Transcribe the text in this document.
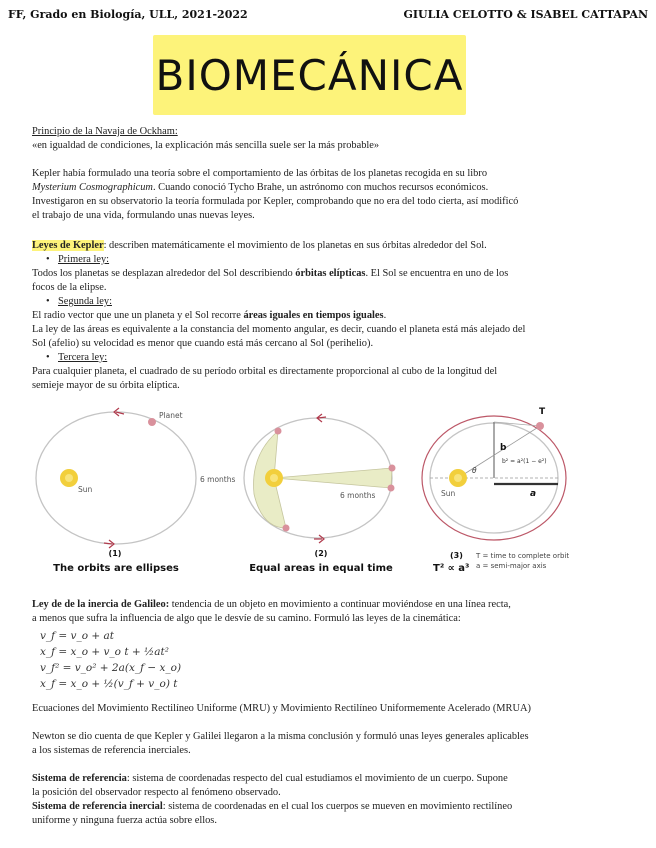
FF, Grado en Biología, ULL, 2021-2022	GIULIA CELOTTO & ISABEL CATTAPAN
BIOMECÁNICA

Principio de la Navaja de Ockham:
«en igualdad de condiciones, la explicación más sencilla suele ser la más probable»

Kepler había formulado una teoría sobre el comportamiento de las órbitas de los planetas recogida en su libro
Mysterium Cosmographicum. Cuando conoció Tycho Brahe, un astrónomo con muchos recursos económicos.
Investigaron en su observatorio la teoría formulada por Kepler, comprobando que no era del todo cierta, así modificó
el trabajo de una vida, formulando unas nuevas leyes.

Leyes de Kepler: describen matemáticamente el movimiento de los planetas en sus órbitas alrededor del Sol.

• Primera ley:

Todos los planetas se desplazan alrededor del Sol describiendo órbitas elípticas. El Sol se encuentra en uno de los
focos de la elipse.

• Segunda ley:

El radio vector que une un planeta y el Sol recorre áreas iguales en tiempos iguales.
La ley de las áreas es equivalente a la constancia del momento angular, es decir, cuando el planeta está más alejado del
Sol (afelio) su velocidad es menor que cuando está más cercano al Sol (perihelio).

• Tercera ley:

Para cualquier planeta, el cuadrado de su período orbital es directamente proporcional al cubo de la longitud del
semieje mayor de su órbita elíptica.

Planet
Sun
(1)
The orbits are ellipses
6 months
6 months
(2)
Equal areas in equal time
T
b
b² = a²(1 − e²)
θ
Sun	a
(3)
T² ∝ a³
T = time to complete orbit
a = semi-major axis

Ley de de la inercia de Galileo: tendencia de un objeto en movimiento a continuar moviéndose en una línea recta,
a menos que sufra la influencia de algo que le desvíe de su camino. Formuló las leyes de la cinemática:

v_f = v_o + at
x_f = x_o + v_o t + ½at²
v_f² = v_o² + 2a(x_f − x_o)
x_f = x_o + ½(v_f + v_o) t

Ecuaciones del Movimiento Rectilíneo Uniforme (MRU) y Movimiento Rectilíneo Uniformemente Acelerado (MRUA)

Newton se dio cuenta de que Kepler y Galilei llegaron a la misma conclusión y formuló unas leyes generales aplicables
a los sistemas de referencia inerciales.

Sistema de referencia: sistema de coordenadas respecto del cual estudiamos el movimiento de un cuerpo. Supone
la posición del observador respecto al fenómeno observado.
Sistema de referencia inercial: sistema de coordenadas en el cual los cuerpos se mueven en movimiento rectilíneo
uniforme y ninguna fuerza actúa sobre ellos.
